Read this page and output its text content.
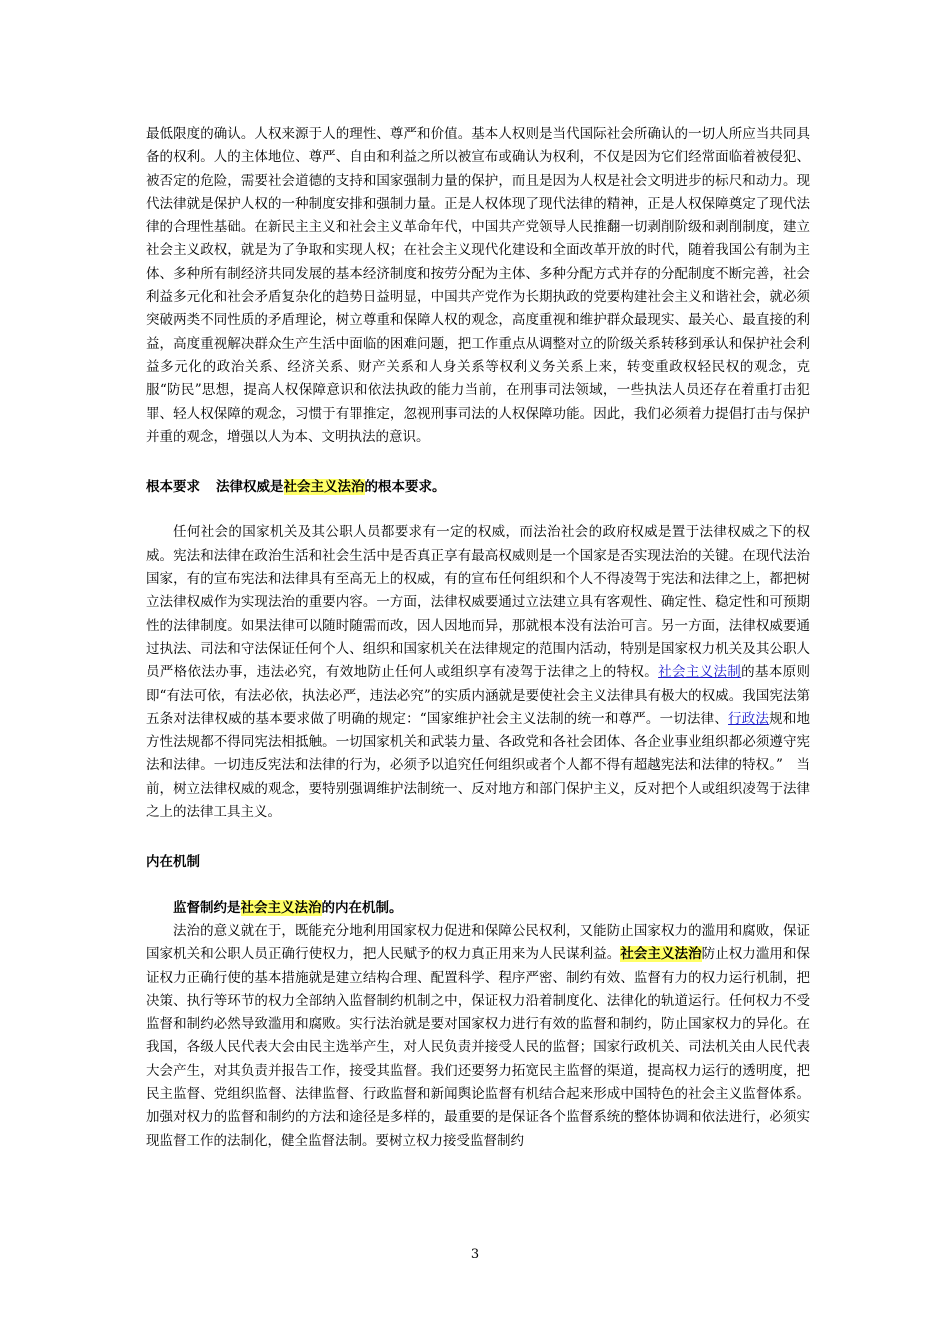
最低限度的确认。人权来源于人的理性、尊严和价值。基本人权则是当代国际社会所确认的一切人所应当共同具备的权利。人的主体地位、尊严、自由和利益之所以被宣布或确认为权利，不仅是因为它们经常面临着被侵犯、被否定的危险，需要社会道德的支持和国家强制力量的保护，而且是因为人权是社会文明进步的标尺和动力。现代法律就是保护人权的一种制度安排和强制力量。正是人权体现了现代法律的精神，正是人权保障奠定了现代法律的合理性基础。在新民主主义和社会主义革命年代，中国共产党领导人民推翻一切剥削阶级和剥削制度，建立社会主义政权，就是为了争取和实现人权；在社会主义现代化建设和全面改革开放的时代，随着我国公有制为主体、多种所有制经济共同发展的基本经济制度和按劳分配为主体、多种分配方式并存的分配制度不断完善，社会利益多元化和社会矛盾复杂化的趋势日益明显，中国共产党作为长期执政的党要构建社会主义和谐社会，就必须突破两类不同性质的矛盾理论，树立尊重和保障人权的观念，高度重视和维护群众最现实、最关心、最直接的利益，高度重视解决群众生产生活中面临的困难问题，把工作重点从调整对立的阶级关系转移到承认和保护社会利益多元化的政治关系、经济关系、财产关系和人身关系等权利义务关系上来，转变重政权轻民权的观念，克服“防民”思想，提高人权保障意识和依法执政的能力当前，在刑事司法领域，一些执法人员还存在着重打击犯罪、轻人权保障的观念，习惯于有罪推定，忽视刑事司法的人权保障功能。因此，我们必须着力提倡打击与保护并重的观念，增强以人为本、文明执法的意识。

根本要求 法律权威是社会主义法治的根本要求。

任何社会的国家机关及其公职人员都要求有一定的权威，而法治社会的政府权威是置于法律权威之下的权威。宪法和法律在政治生活和社会生活中是否真正享有最高权威则是一个国家是否实现法治的关键。在现代法治国家，有的宣布宪法和法律具有至高无上的权威，有的宣布任何组织和个人不得凌驾于宪法和法律之上，都把树立法律权威作为实现法治的重要内容。一方面，法律权威要通过立法建立具有客观性、确定性、稳定性和可预期性的法律制度。如果法律可以随时随需而改，因人因地而异，那就根本没有法治可言。另一方面，法律权威要通过执法、司法和守法保证任何个人、组织和国家机关在法律规定的范围内活动，特别是国家权力机关及其公职人员严格依法办事，违法必究，有效地防止任何人或组织享有凌驾于法律之上的特权。社会主义法制的基本原则即“有法可依，有法必依，执法必严，违法必究”的实质内涵就是要使社会主义法律具有极大的权威。我国宪法第五条对法律权威的基本要求做了明确的规定：“国家维护社会主义法制的统一和尊严。一切法律、行政法规和地方性法规都不得同宪法相抵触。一切国家机关和武装力量、各政党和各社会团体、各企业事业组织都必须遵守宪法和法律。一切违反宪法和法律的行为，必须予以追究任何组织或者个人都不得有超越宪法和法律的特权。”　当前，树立法律权威的观念，要特别强调维护法制统一、反对地方和部门保护主义，反对把个人或组织凌驾于法律之上的法律工具主义。

内在机制

监督制约是社会主义法治的内在机制。

法治的意义就在于，既能充分地利用国家权力促进和保障公民权利，又能防止国家权力的滥用和腐败，保证国家机关和公职人员正确行使权力，把人民赋予的权力真正用来为人民谋利益。社会主义法治防止权力滥用和保证权力正确行使的基本措施就是建立结构合理、配置科学、程序严密、制约有效、监督有力的权力运行机制，把决策、执行等环节的权力全部纳入监督制约机制之中，保证权力沿着制度化、法律化的轨道运行。任何权力不受监督和制约必然导致滥用和腐败。实行法治就是要对国家权力进行有效的监督和制约，防止国家权力的异化。在我国，各级人民代表大会由民主选举产生，对人民负责并接受人民的监督；国家行政机关、司法机关由人民代表大会产生，对其负责并报告工作，接受其监督。我们还要努力拓宽民主监督的渠道，提高权力运行的透明度，把民主监督、党组织监督、法律监督、行政监督和新闻舆论监督有机结合起来形成中国特色的社会主义监督体系。加强对权力的监督和制约的方法和途径是多样的，最重要的是保证各个监督系统的整体协调和依法进行，必须实现监督工作的法制化，健全监督法制。要树立权力接受监督制约

3
